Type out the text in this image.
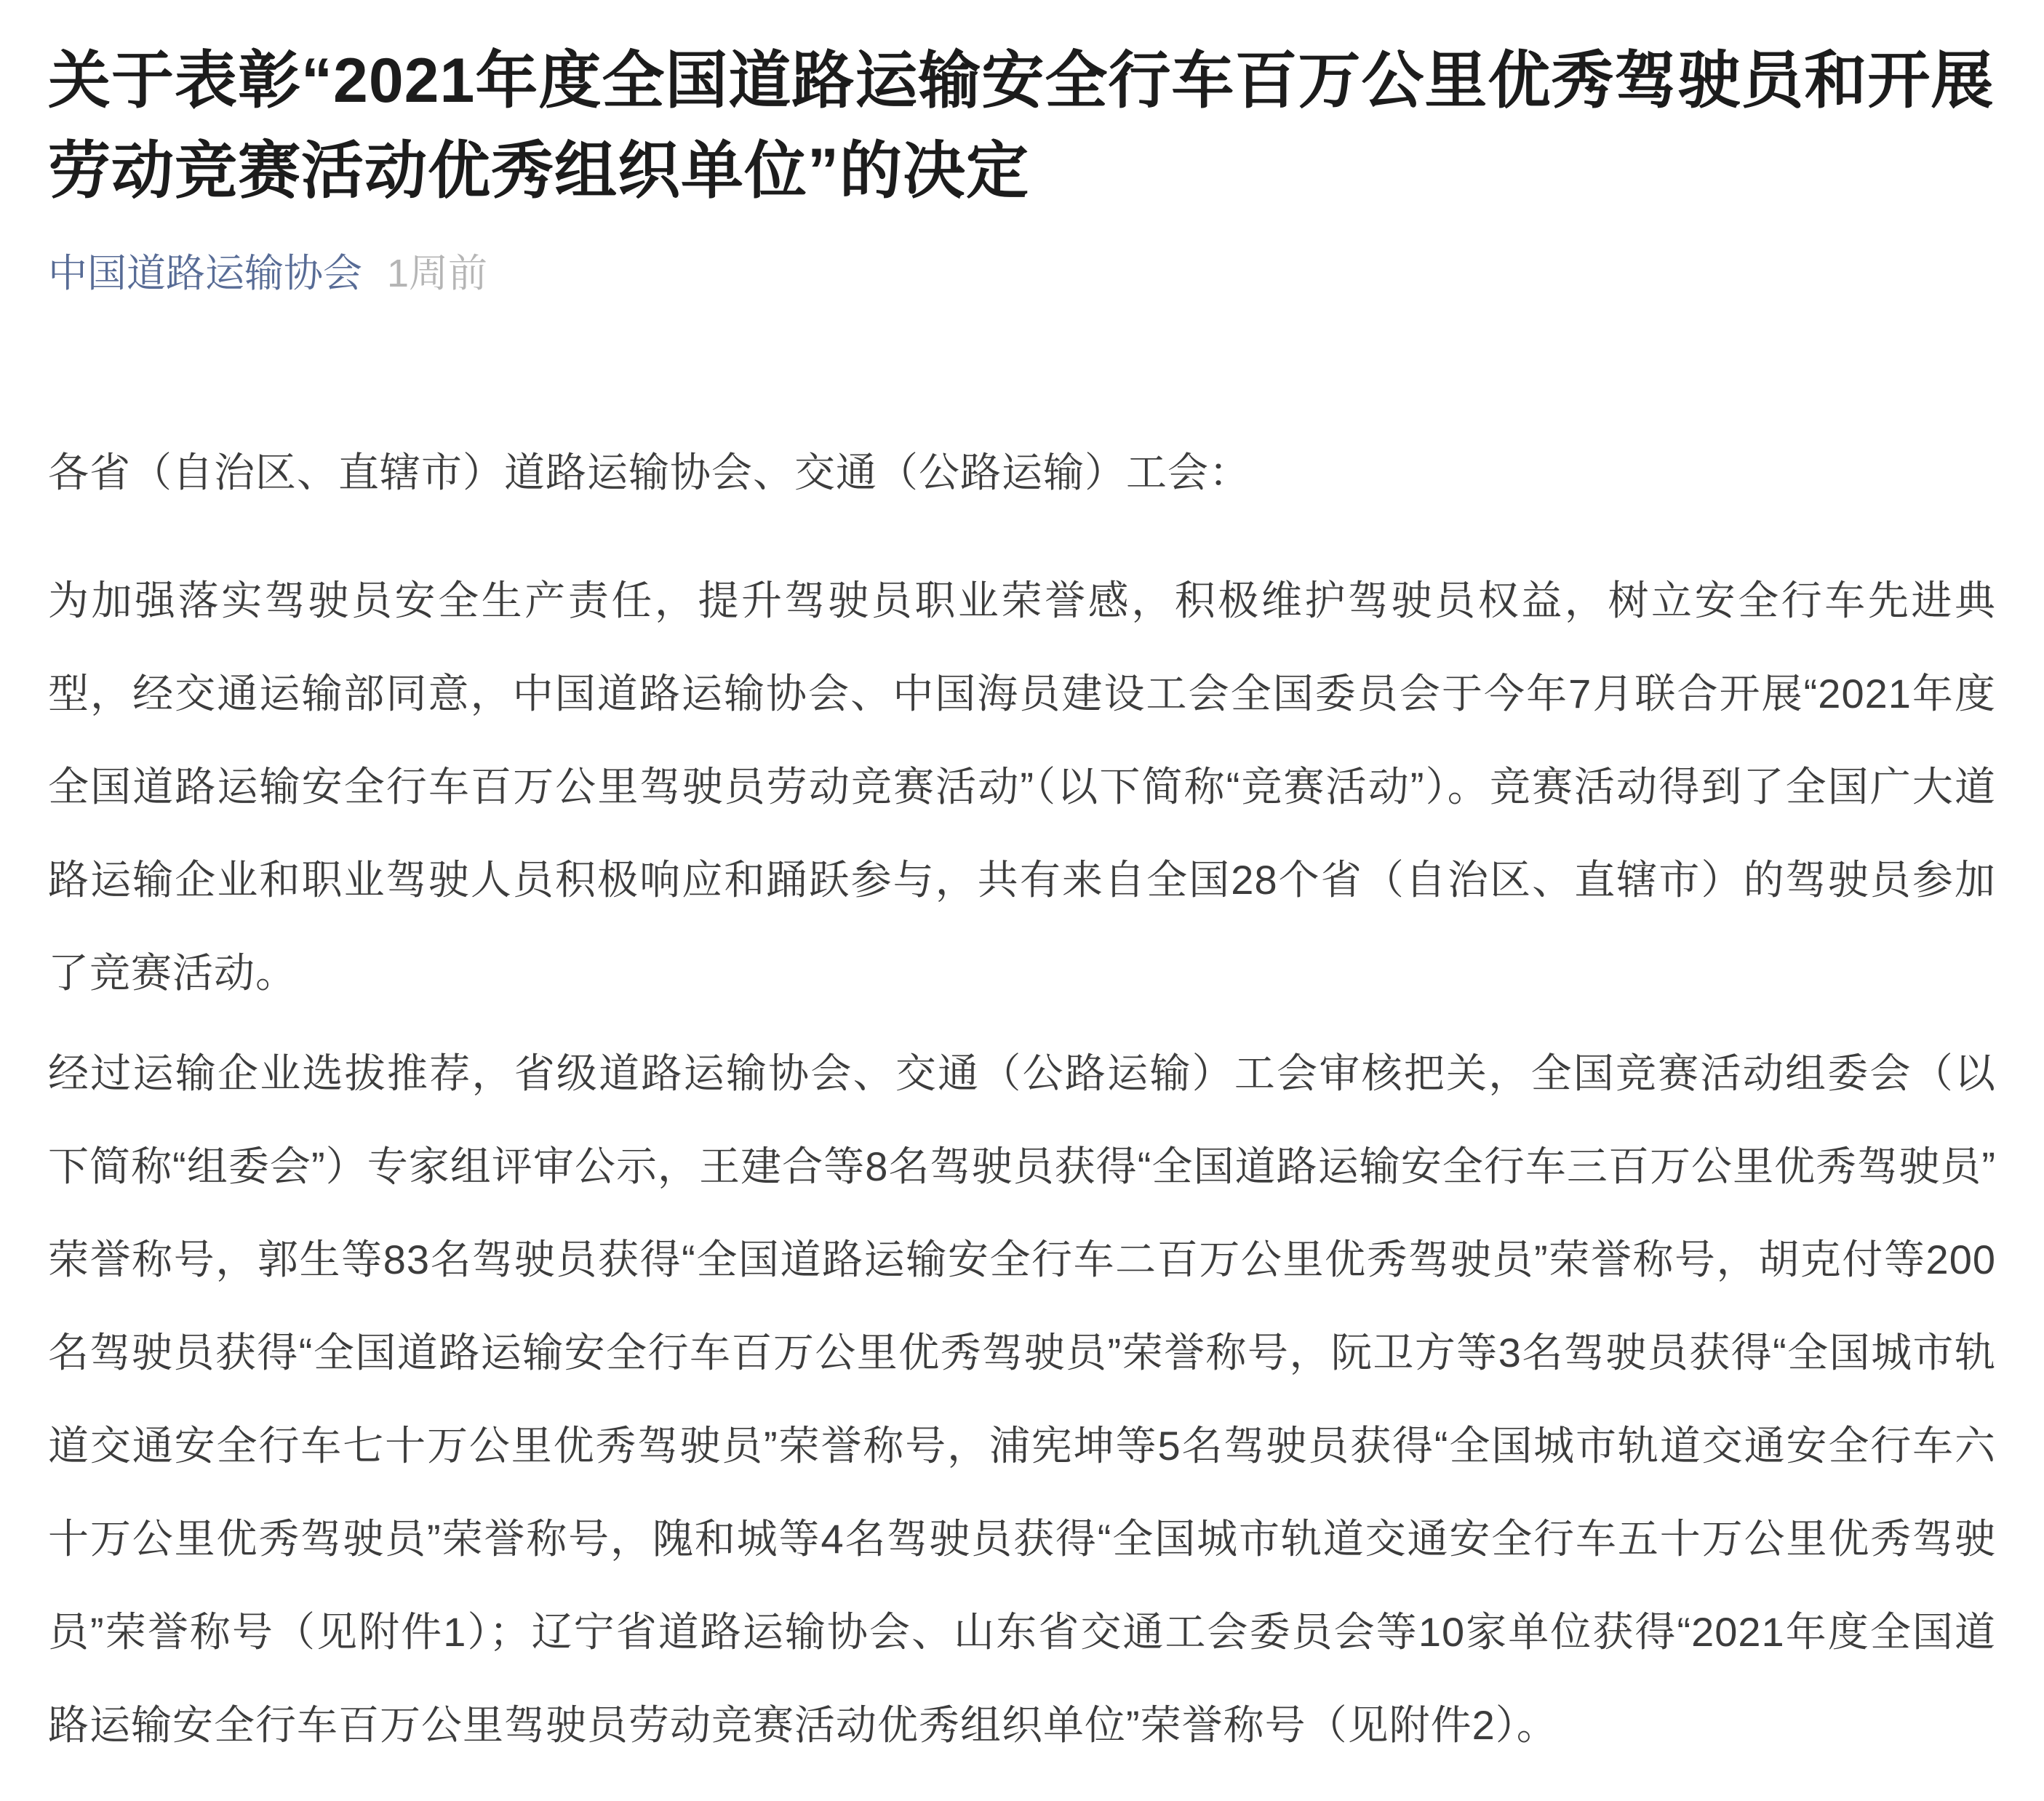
关于表彰“2021年度全国道路运输安全行车百万公里优秀驾驶员和开展劳动竞赛活动优秀组织单位”的决定
中国道路运输协会 1周前

各省（自治区、直辖市）道路运输协会、交通（公路运输）工会：

为加强落实驾驶员安全生产责任，提升驾驶员职业荣誉感，积极维护驾驶员权益，树立安全行车先进典型，经交通运输部同意，中国道路运输协会、中国海员建设工会全国委员会于今年7月联合开展“2021年度全国道路运输安全行车百万公里驾驶员劳动竞赛活动”（以下简称“竞赛活动”）。竞赛活动得到了全国广大道路运输企业和职业驾驶人员积极响应和踊跃参与，共有来自全国28个省（自治区、直辖市）的驾驶员参加了竞赛活动。

经过运输企业选拔推荐，省级道路运输协会、交通（公路运输）工会审核把关，全国竞赛活动组委会（以下简称“组委会”）专家组评审公示，王建合等8名驾驶员获得“全国道路运输安全行车三百万公里优秀驾驶员”荣誉称号，郭生等83名驾驶员获得“全国道路运输安全行车二百万公里优秀驾驶员”荣誉称号，胡克付等200名驾驶员获得“全国道路运输安全行车百万公里优秀驾驶员”荣誉称号，阮卫方等3名驾驶员获得“全国城市轨道交通安全行车七十万公里优秀驾驶员”荣誉称号，浦宪坤等5名驾驶员获得“全国城市轨道交通安全行车六十万公里优秀驾驶员”荣誉称号，隗和城等4名驾驶员获得“全国城市轨道交通安全行车五十万公里优秀驾驶员”荣誉称号（见附件1）；辽宁省道路运输协会、山东省交通工会委员会等10家单位获得“2021年度全国道路运输安全行车百万公里驾驶员劳动竞赛活动优秀组织单位”荣誉称号（见附件2）。
